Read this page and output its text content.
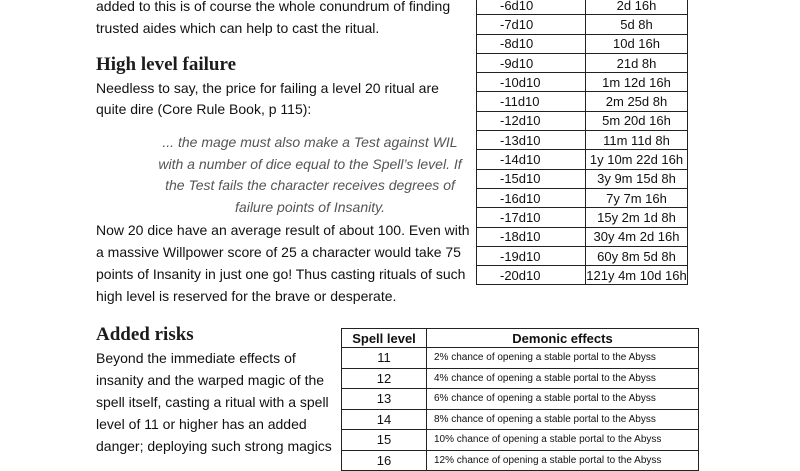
added to this is of course the whole conundrum of finding

trusted aides which can help to cast the ritual.

High level failure

Needless to say, the price for failing a level 20 ritual are

quite dire (Core Rule Book, p 115):

... the mage must also make a Test against WIL
with a number of dice equal to the Spell’s level. If
the Test fails the character receives degrees of
failure points of Insanity.

Now 20 dice have an average result of about 100. Even with

a massive Willpower score of 25 a character would take 75

points of Insanity in just one go! Thus casting rituals of such

high level is reserved for the brave or desperate.

Added risks

Beyond the immediate effects of

insanity and the warped magic of the

spell itself, casting a ritual with a spell

level of 11 or higher has an added

danger; deploying such strong magics

-6d10	2d 16h
-7d10	5d 8h
-8d10	10d 16h
-9d10	21d 8h
-10d10	1m 12d 16h
-11d10	2m 25d 8h
-12d10	5m 20d 16h
-13d10	11m 11d 8h
-14d10	1y 10m 22d 16h
-15d10	3y 9m 15d 8h
-16d10	7y 7m 16h
-17d10	15y 2m 1d 8h
-18d10	30y 4m 2d 16h
-19d10	60y 8m 5d 8h
-20d10	121y 4m 10d 16h
Spell level	Demonic effects
11	2% chance of opening a stable portal to the Abyss
12	4% chance of opening a stable portal to the Abyss
13	6% chance of opening a stable portal to the Abyss
14	8% chance of opening a stable portal to the Abyss
15	10% chance of opening a stable portal to the Abyss
16	12% chance of opening a stable portal to the Abyss
